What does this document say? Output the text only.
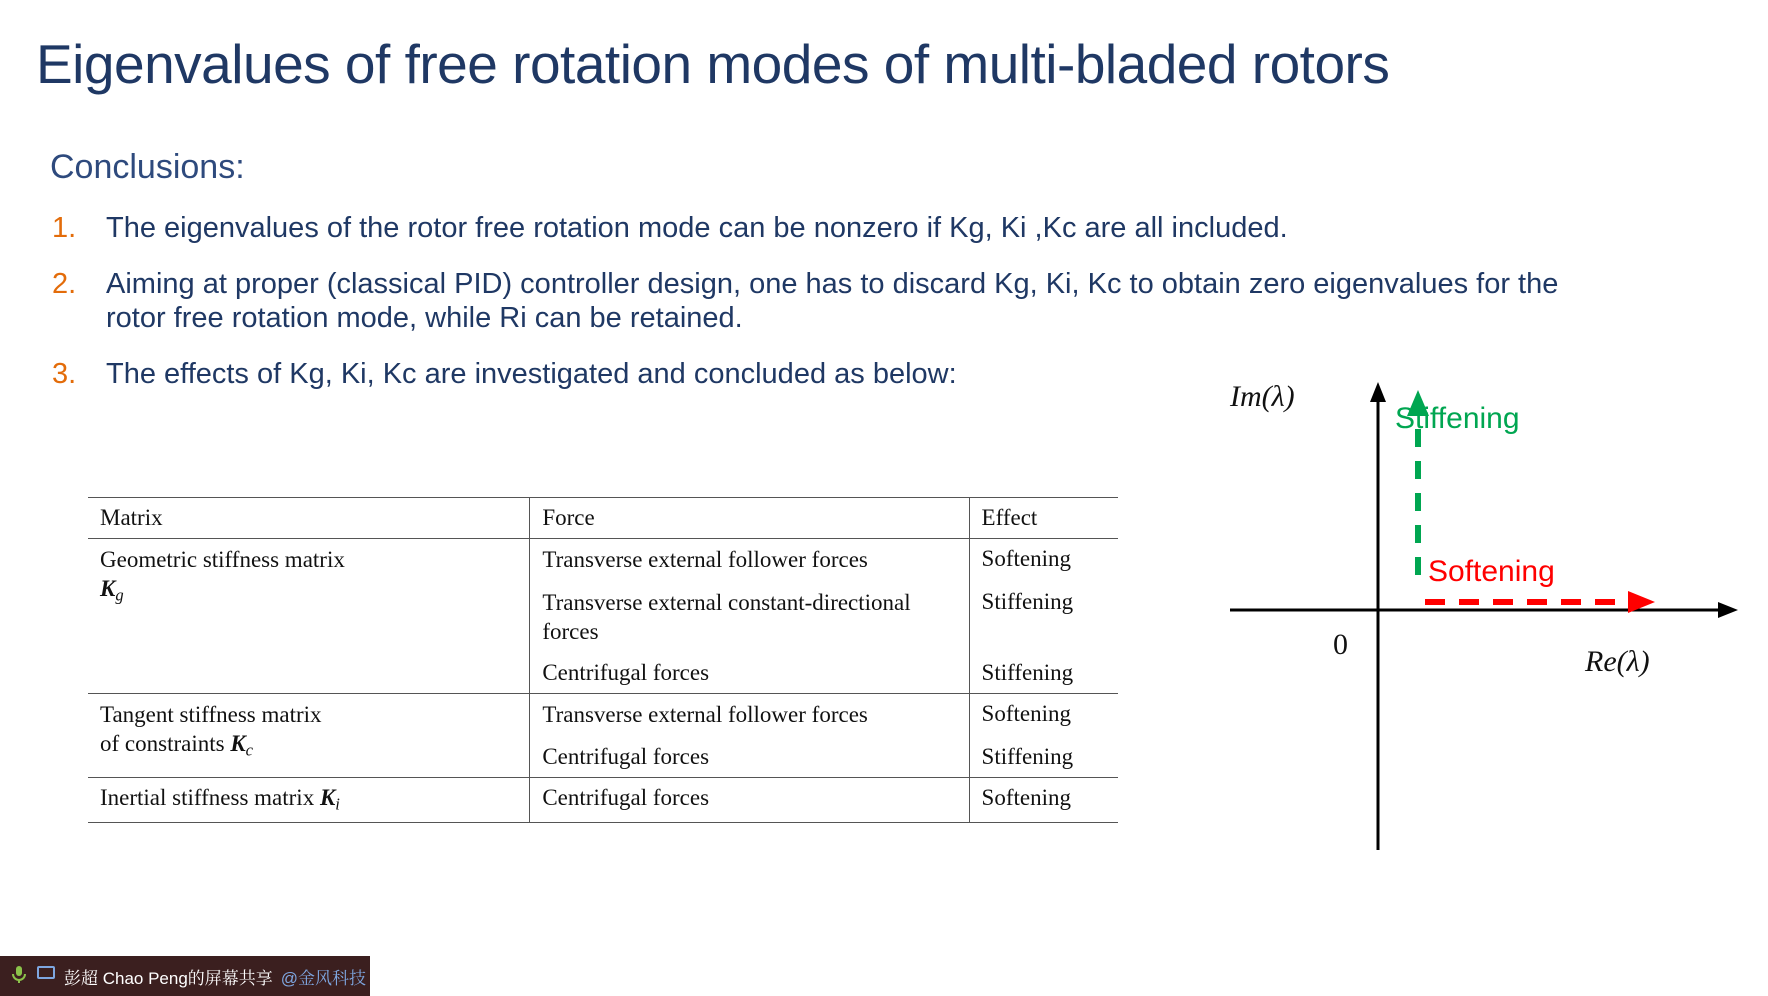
Eigenvalues of free rotation modes of multi-bladed rotors
Conclusions:
1.	The eigenvalues of the rotor free rotation mode can be nonzero if Kg, Ki ,Kc are all included.
2.	Aiming at proper (classical PID) controller design, one has to discard Kg, Ki, Kc to obtain zero eigenvalues for the rotor free rotation mode, while Ri can be retained.
3.	The effects of Kg, Ki, Kc are investigated and concluded as below:
Matrix	Force	Effect

Geometric stiffness matrix
$K_g$	Transverse external follower forces	Softening

	Transverse external constant-directional forces	Stiffening
	Centrifugal forces	Stiffening

Tangent stiffness matrix
of constraints $K_c$	Transverse external follower forces	Softening
	Centrifugal forces	Stiffening
Inertial stiffness matrix $K_i$	Centrifugal forces	Softening
Im(λ)
Re(λ)
0
Stiffening
Softening
彭超 Chao Peng的屏幕共享 @金风科技
